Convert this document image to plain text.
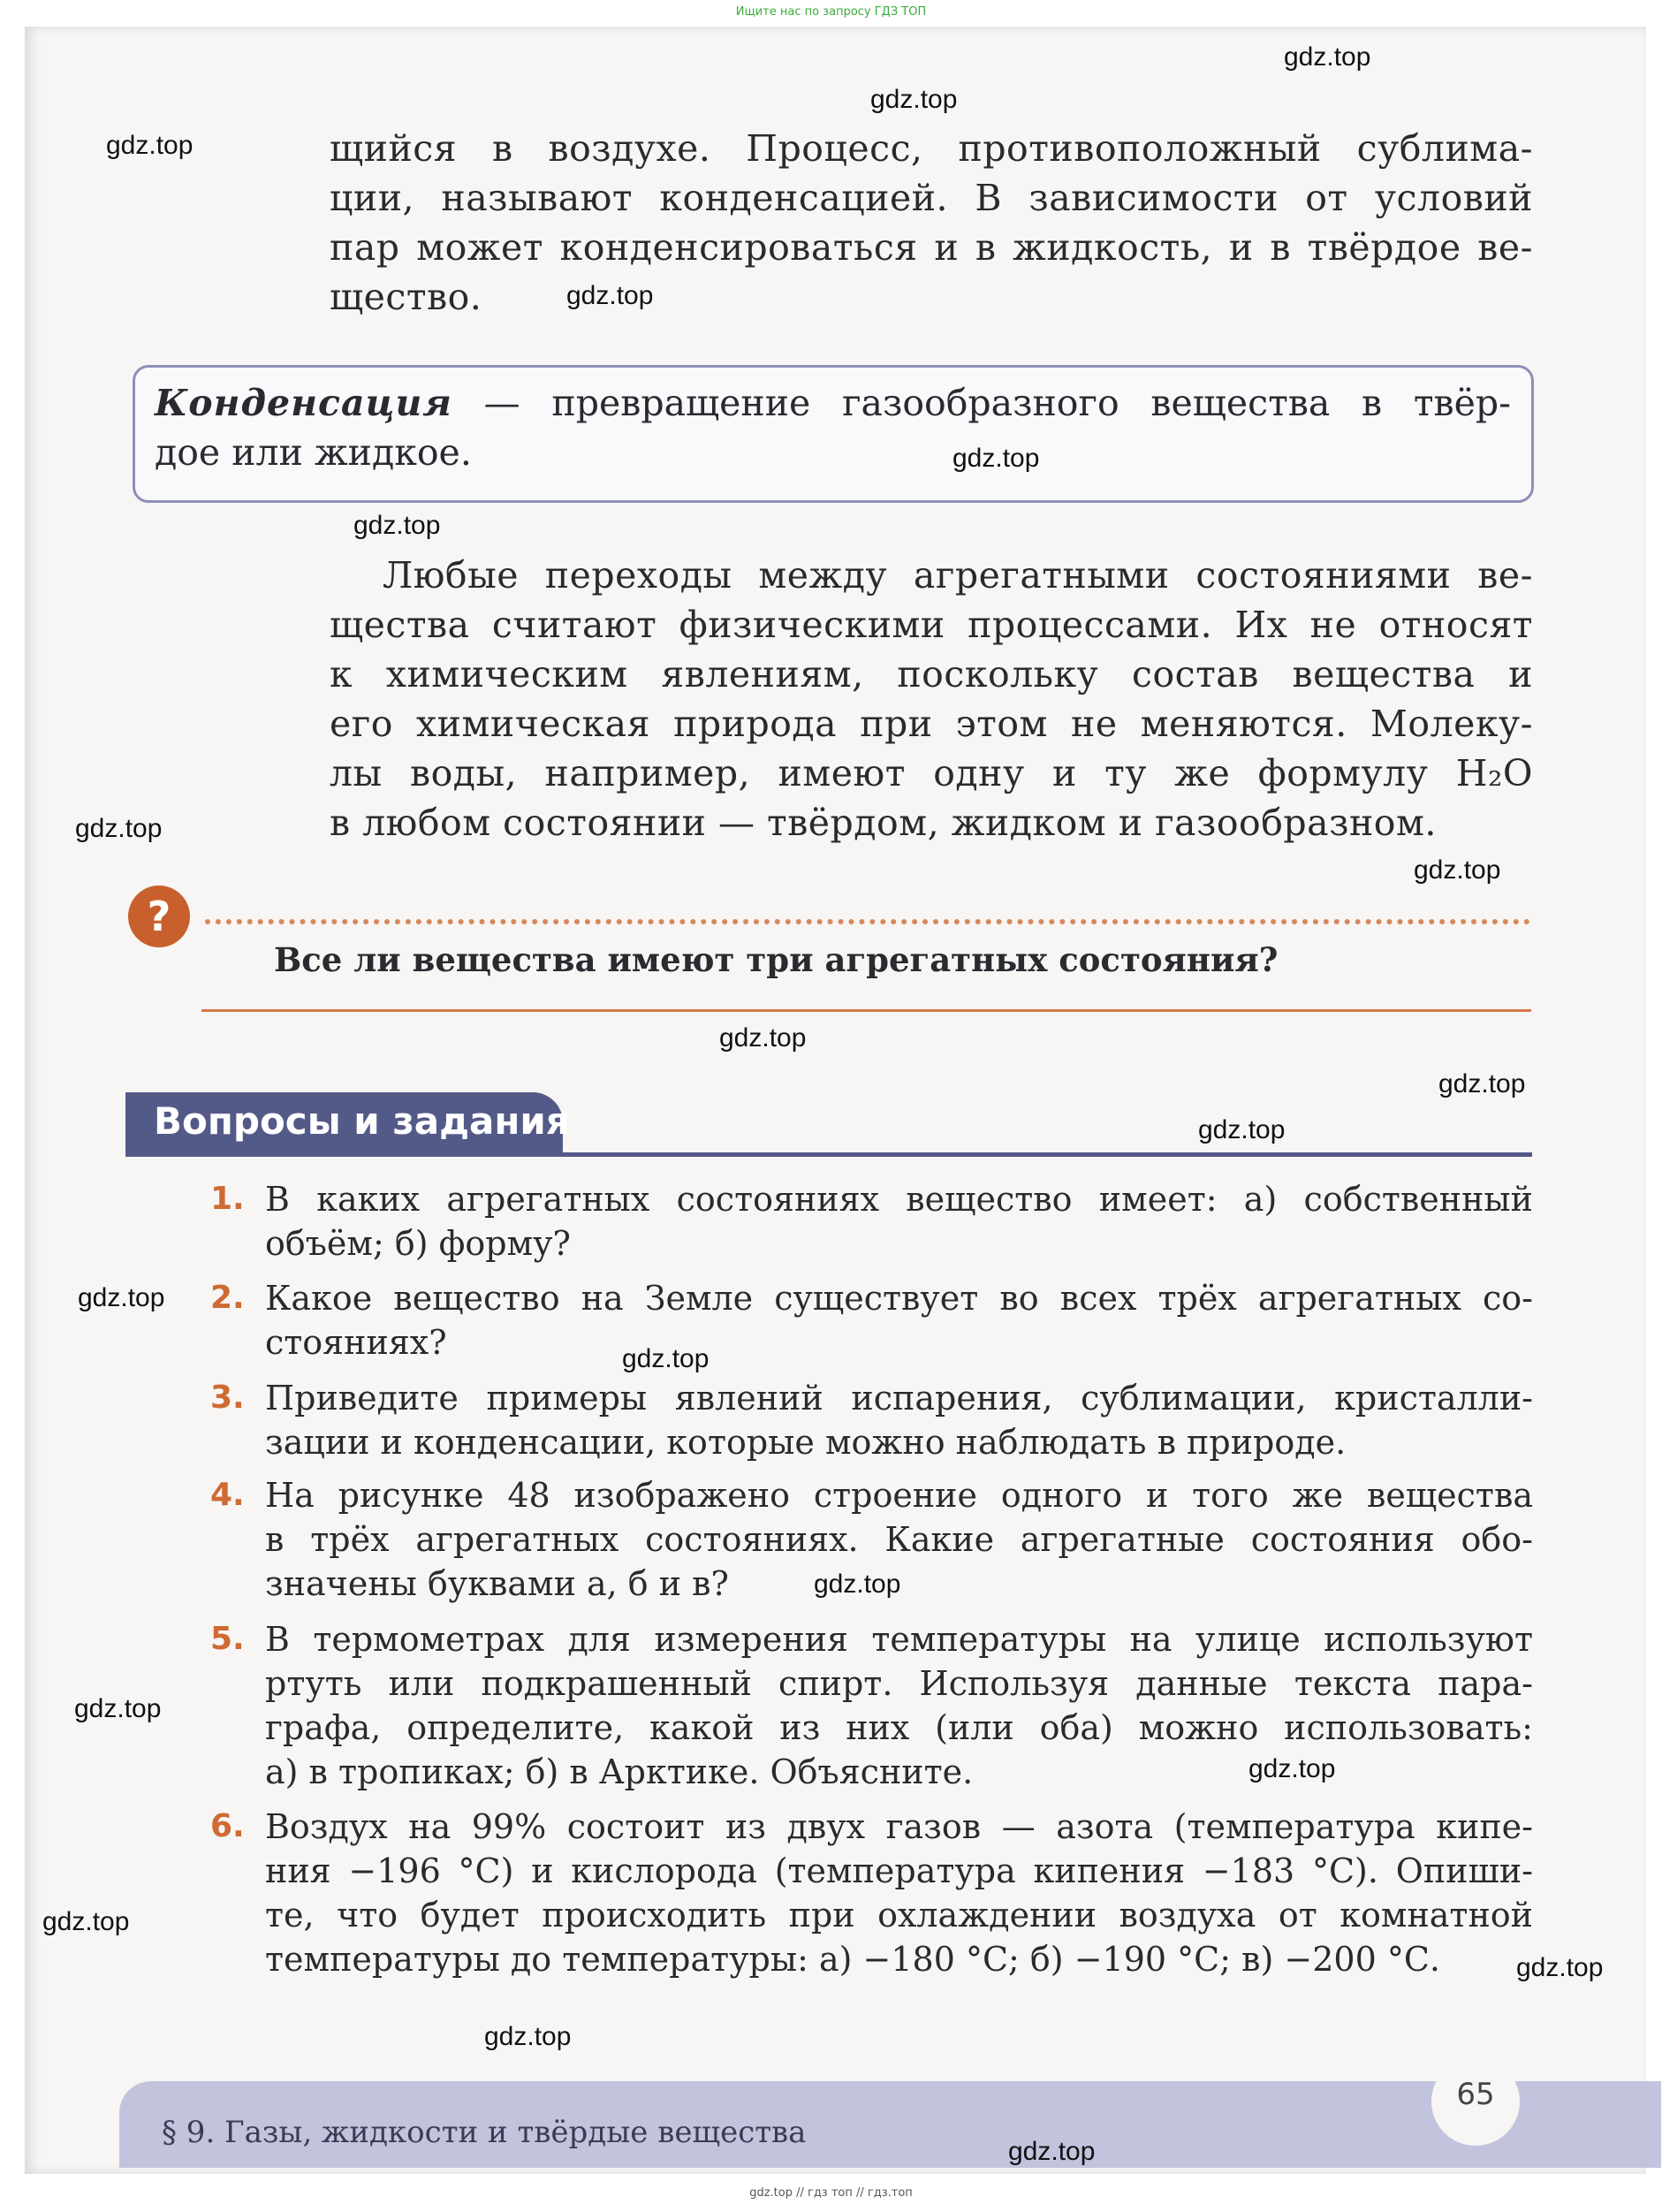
Ищите нас по запросу ГДЗ ТОП
щийся в воздухе. Процесс, противоположный сублима-
ции, называют конденсацией. В зависимости от условий
пар может конденсироваться и в жидкость, и в твёрдое ве-
щество.
Конденсация — превращение газообразного вещества в твёр-
дое или жидкое.
Любые переходы между агрегатными состояниями ве-
щества считают физическими процессами. Их не относят
к химическим явлениям, поскольку состав вещества и
его химическая природа при этом не меняются. Молеку-
лы воды, например, имеют одну и ту же формулу H₂O
в любом состоянии — твёрдом, жидком и газообразном.
?
Все ли вещества имеют три агрегатных состояния?
Вопросы и задания
1. В каких агрегатных состояниях вещество имеет: а) собственный
объём; б) форму?
2. Какое вещество на Земле существует во всех трёх агрегатных со-
стояниях?
3. Приведите примеры явлений испарения, сублимации, кристалли-
зации и конденсации, которые можно наблюдать в природе.
4. На рисунке 48 изображено строение одного и того же вещества
в трёх агрегатных состояниях. Какие агрегатные состояния обо-
значены буквами а, б и в?
5. В термометрах для измерения температуры на улице используют
ртуть или подкрашенный спирт. Используя данные текста пара-
графа, определите, какой из них (или оба) можно использовать:
а) в тропиках; б) в Арктике. Объясните.
6. Воздух на 99% состоит из двух газов — азота (температура кипе-
ния −196 °С) и кислорода (температура кипения −183 °С). Опиши-
те, что будет происходить при охлаждении воздуха от комнатной
температуры до температуры: а) −180 °С; б) −190 °С; в) −200 °С.
§ 9. Газы, жидкости и твёрдые вещества
65
gdz.top
gdz.top
gdz.top
gdz.top
gdz.top
gdz.top
gdz.top
gdz.top
gdz.top
gdz.top
gdz.top
gdz.top
gdz.top
gdz.top
gdz.top
gdz.top
gdz.top
gdz.top
gdz.top
gdz.top
gdz.top // гдз топ // гдз.топ
